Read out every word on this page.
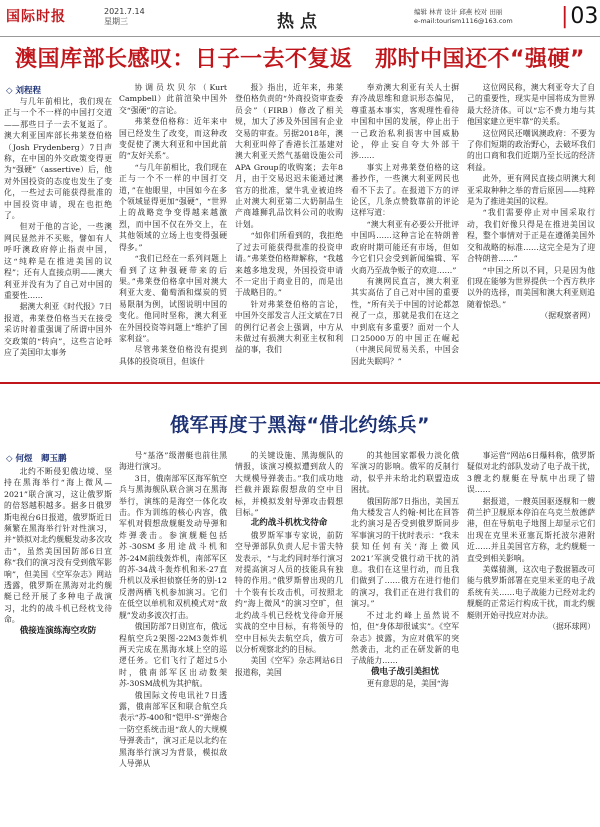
国际时报	2021.7.14
星期三	热点	编辑 林青 设计 邱燕 校对 田丽
e-mail:tourism1116@163.com |03
澳国库部长感叹：日子一去不复返　那时中国还不“强硬”
◇ 刘程程

与几年前相比，我们现在正与一个不一样的中国打交道——那些日子一去不复返了。澳大利亚国库部长弗莱登伯格（Josh Frydenberg）7日声称，在中国的外交政策变得更为“强硬”（assertive）后，他对外国投资的态度也发生了变化，一些过去可能获得批准的中国投资申请，现在也拒绝了。

但对于他的言论，一些澳网民显然并不买账，譬如有人呼吁澳政府停止指责中国，这“纯粹是在推进美国的议程”；还有人直接点明——澳大利亚并没有为了自己对中国的重要性……

据澳大利亚《时代报》7日报道，弗莱登伯格当天在接受采访时着重强调了所谓中国外交政策的“转向”，这些言论呼应了美国印太事务

协调员坎贝尔（Kurt Campbell）此前渲染中国外交“强硬”的言论。

弗莱登伯格称：近年来中国已经发生了改变，而这种改变促使了澳大利亚和中国此前的“友好关系”。

“与几年前相比，我们现在正与一个不一样的中国打交道，”在他眼里，中国如今在多个领域显得更加“强硬”，“世界上的战略竞争变得越来越激烈，而中国不仅在外交上，在其他领域的立场上也变得强硬得多。”

“我们已经在一系列问题上看到了这种强硬带来的后果。”弗莱登伯格拿中国对澳大利亚大麦、葡萄酒和煤炭的贸易限制为例，试图说明中国的变化。他同时坚称，澳大利亚在外国投资等问题上“维护了国家利益”。

尽管弗莱登伯格没有提到具体的投资项目，但该什

报》指出，近年来，弗莱登伯格负责的“外商投资审查委员会”（FIRB）修改了相关规，加大了涉及外国国有企业交易的审查。另据2018年，澳大利亚叫停了香港长江基建对澳大利亚天然气基础设施公司APA Group的收购案；去年8月，由于交易迟迟未能通过澳官方的批准，蒙牛乳业被迫终止对澳大利亚第二大奶制品生产商雄狮乳品饮料公司的收购计划。

“如你们所看到的，我拒绝了过去可能获得批准的投资申请。”弗莱登伯格辩解称，“我越来越多地发现，外国投资申请不一定出于商业目的，而是出于战略目的。”

针对弗莱登伯格的言论，中国外交部发言人汪文斌在7日的例行记者会上强调，中方从未做过有损澳大利亚主权和利益的事，我们

奉劝澳大利亚有关人士摒弃冷战思维和意识形态偏见，尊重基本事实，客观理性看待中国和中国的发展，停止出于一己政治私利损害中国威胁论，停止妄自夸大外部干涉……

事实上对弗莱登伯格的这番抄作，一些澳大利亚网民也看不下去了。在报道下方的评论区，几条点赞数靠前的评论这样写道：

“澳大利亚有必要公开批评中国吗……这种言论在特朗普政府时期可能还有市场，但如今它们只会受到新闻编辑、军火商乃至战争贩子的欢迎……”

有澳网民直言，澳大利亚其实高估了自己对中国的重要性，“所有关于中国的讨论都忽视了一点，那就是我们在这之中到底有多重要？面对一个人口25000万的中国正在崛起（中澳民间贸易关系，中国会因此失眠吗？”

这位网民称，澳大利亚夸大了自己的重要性，现实是中国将成为世界最大经济体。可以“忘不费力地与其他国家建立更牢靠”的关系。

这位网民还嘲讽澳政府：不要为了你们短期的政治野心，去破坏我们的出口商和我们近期乃至长远的经济利益。

此外，更有网民直接点明澳大利亚采取种种之举的背后原因——纯粹是为了推进美国的议程。

“我们需要停止对中国采取行动，我们好像只得是在推进美国议程，整个事情对于正是在遵循美国外交和战略的标准……这完全是为了迎合特朗普……”

“中国之所以不同，只是因为他们现在能够为世界提供一个西方秩序以外的选择，而美国和澳大利亚则追随着惊恐。”

（据观察者网）

俄军再度于黑海“借北约练兵”
◇ 何煜　卿玉鹏

北约不断侵犯俄边境、坚持在黑海举行“海上微风—2021”联合演习，这让俄罗斯的倍怒越积越多。据多日俄罗斯电视台6日报道，俄罗斯近日频繁在黑海举行针对性演习，并“锁拟对北约舰艇发动多次攻击”，虽然美国国防部6日宣称“我们的演习没有受到俄军影响”，但美国《空军杂志》网站透露，俄罗斯在黑海对北约舰艇已经开展了多种电子战演习，北约的战斗机已经枕戈待命。

俄接连演练海空攻防

号”基洛”级潜艇也前往黑海进行演习。

3日，俄南部军区海军航空兵与黑海舰队联合演习在黑海举行，演练的是海空一体化攻击。作为训练的核心内容，俄军机对假想敌舰艇发动导弹和炸弹袭击。参演舰艇包括苏-30SM多用途战斗机和苏-24M前线轰炸机，南部军区的苏-34战斗轰炸机和米-27直升机以及承担侦察任务的别-12反潜两栖飞机参加演习。它们在低空以单机和双机模式对“敌舰”发动多波次打击。

俄国防部7日则宣布，俄远程航空兵2架图-22M3轰炸机两天完成在黑海水域上空的巡逻任务。它们飞行了超过5小时，俄南部军区出动数架苏-30SM战机为其护航。

俄国际文传电讯社7日透露，俄南部军区和联合航空兵表示“苏-400和“铠甲-S”弹炮合一防空系统击退“敌人的大规模导弹袭击”，演习正是以北约在黑海举行演习为背景，模拟敌人导弹从

的关键设施、黑海舰队的情报，该演习模拟遭到敌人的大规模导弹袭击。”我们成功地拦截并跟踪假想敌的空中目标，并模拟发射导弹攻击假想目标。”

北约战斗机枕戈待命

俄罗斯军事专家说，前防空导弹部队负责人尼卡雷夫特发表示，“与北约同时举行演习对提高演习人员的技能具有独特的作用。”俄罗斯曾出现的几十个装有长攻击机，可按照北约“海上微风”的演习空旷，但北约战斗机已经枕戈待命开展实战的空中目标，有将领导的空中目标失去航空兵，俄方可以分析观察北约的目标。

美国《空军》杂志网站6日报道称，美国

的其他国家都极力淡化俄军演习的影响。俄军的反制行动，似乎并未给北约联盟造成困扰。

俄国防部7日指出，美国五角大楼发言人约翰·柯比在回答北约演习是否受到俄罗斯同步军事演习的干扰时表示：“我未获知任何有关‘海上微风2021’军演受俄行动干扰的消息。我们在这里行动，而且我们做到了……俄方在进行他们的演习，我们正在进行我们的演习。”

不过北约峰上虽然说不怕，但“身体却很诚实”。《空军杂志》披露，为应对俄军的突然袭击，北约正在研发新的电子战能力……

俄电子战引美担忧

更有意思的是，美国“海

事运营”网站6日爆料称，俄罗斯疑似对北约部队发动了电子战干扰，3艘北约舰艇在导航中出现了错误……

据报道，一艘英国驱逐舰和一艘荷兰护卫舰原本停泊在乌克兰敖德萨港，但在导航电子地图上却显示它们出现在克里米亚塞瓦斯托波尔港附近……并且美国官方称，北约舰艇一直受到相关影响。

美媒猜测，这次电子数据篡改可能与俄罗斯部署在克里米亚的电子战系统有关……电子战能力已经对北约舰艇的正常运行构成干扰，而北约舰艇则开始寻找应对办法。

（据环球网）
